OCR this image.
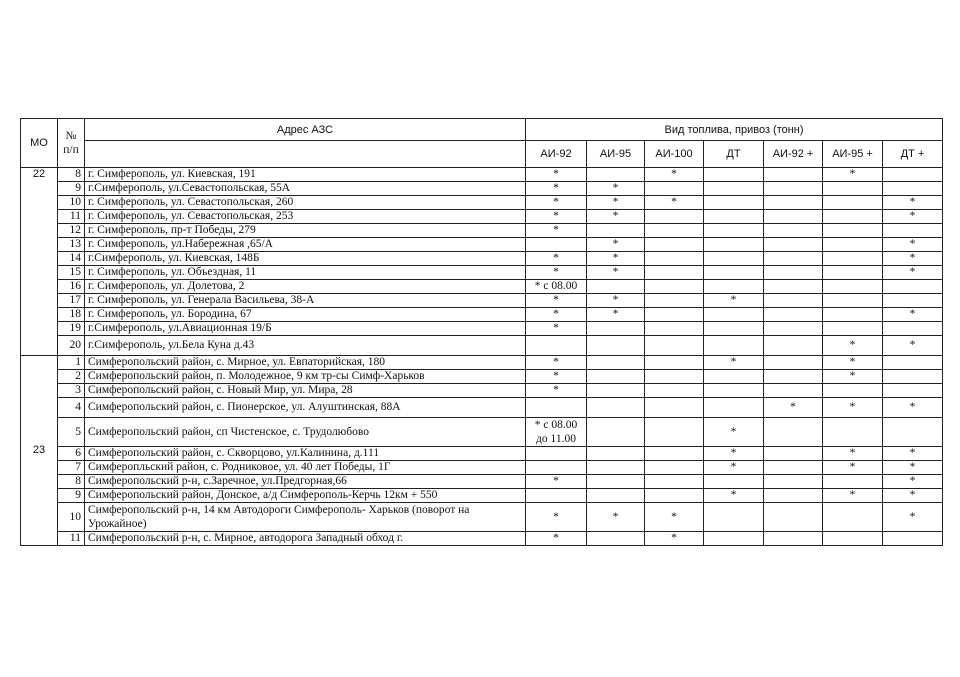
МО	№
п/п	Адрес АЗС	Вид топлива, привоз (тонн)						
			АИ-92	АИ-95	АИ-100	ДТ	АИ-92 +	АИ-95 +	ДТ +
22	8	г. Симферополь, ул. Киевская, 191	*		*			*	
	9	г.Симферополь, ул.Севастопольская, 55А	*	*					
	10	г. Симферополь, ул. Севастопольская, 260	*	*	*				*
	11	г. Симферополь, ул. Севастопольская, 253	*	*					*
	12	г. Симферополь, пр-т Победы, 279	*						
	13	г. Симферополь, ул.Набережная ,65/А		*					*
	14	г.Симферополь, ул. Киевская, 148Б	*	*					*
	15	г. Симферополь, ул. Объездная, 11	*	*					*
	16	г. Симферополь, ул. Долетова, 2	* с 08.00						
	17	г. Симферополь, ул. Генерала Васильева, 38-А	*	*		*			
	18	г. Симферополь, ул. Бородина, 67	*	*					*
	19	г.Симферополь, ул.Авиационная 19/Б	*						
	20	г.Симферополь, ул.Бела Куна д.43						*	*
23	1	Симферопольский район, с. Мирное, ул. Евпаторийская, 180	*			*		*	
	2	Симферопольский район, п. Молодежное, 9 км тр-сы Симф-Харьков	*					*	
	3	Симферопольский район, с. Новый Мир, ул. Мира, 28	*						
	4	Симферопольский район, с. Пионерское, ул. Алуштинская, 88А					*	*	*
	5	Симферопольский район, сп Чистенское, с. Трудолюбово	* с 08.00
до 11.00			*			
	6	Симферопольский район, с. Скворцово, ул.Калинина, д.111				*		*	*
	7	Симферопльский район, с. Родниковое, ул. 40 лет Победы, 1Г				*		*	*
	8	Симферопольский р-н, с.Заречное, ул.Предгорная,66	*						*
	9	Симферопольский район, Донское, а/д Симферополь-Керчь 12км + 550				*		*	*
	10	Симферопольский р-н, 14 км Автодороги Симферополь- Харьков (поворот на Урожайное)	*	*	*				*
	11	Симферопольский р-н, с. Мирное, автодорога Западный обход г.	*		*				
